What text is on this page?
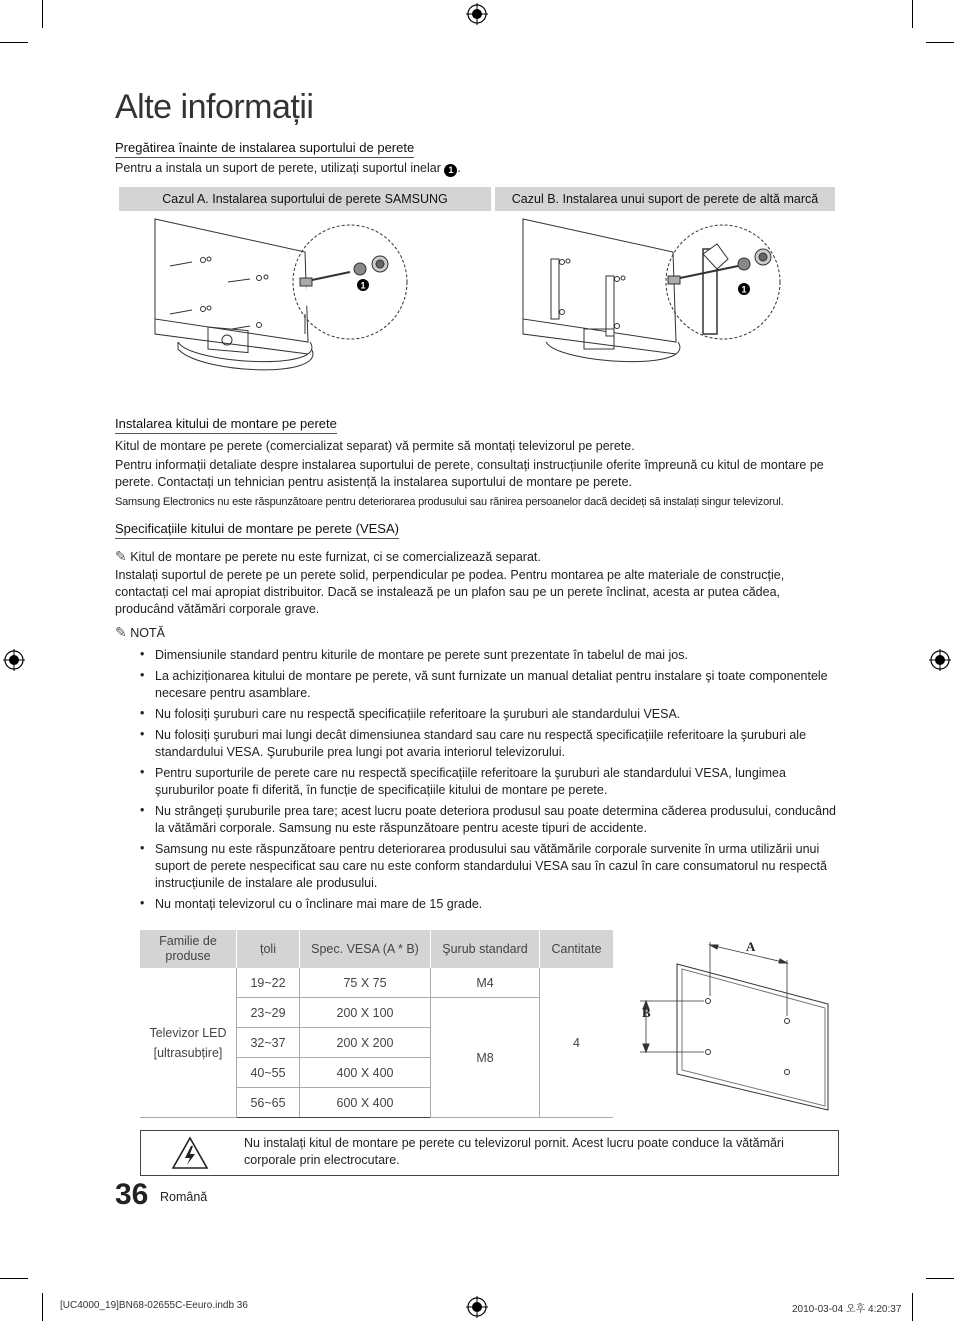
Alte informații
Pregătirea înainte de instalarea suportului de perete
Pentru a instala un suport de perete, utilizați suportul inelar 1 .
Cazul A. Instalarea suportului de perete SAMSUNG	Cazul B. Instalarea unui suport de perete de altă marcă
1	1
Instalarea kitului de montare pe perete
Kitul de montare pe perete (comercializat separat) vă permite să montați televizorul pe perete.
Pentru informații detaliate despre instalarea suportului de perete, consultați instrucțiunile oferite împreună cu kitul de montare pe perete. Contactați un tehnician pentru asistență la instalarea suportului de montare pe perete.
Samsung Electronics nu este răspunzătoare pentru deteriorarea produsului sau rănirea persoanelor dacă decideți să instalați singur televizorul.
Specificațiile kitului de montare pe perete (VESA)
✎ Kitul de montare pe perete nu este furnizat, ci se comercializează separat.
Instalați suportul de perete pe un perete solid, perpendicular pe podea. Pentru montarea pe alte materiale de construcție, contactați cel mai apropiat distribuitor. Dacă se instalează pe un plafon sau pe un perete înclinat, acesta ar putea cădea, producând vătămări corporale grave.
✎ NOTĂ
• Dimensiunile standard pentru kiturile de montare pe perete sunt prezentate în tabelul de mai jos.
• La achiziționarea kitului de montare pe perete, vă sunt furnizate un manual detaliat pentru instalare şi toate componentele necesare pentru asamblare.
• Nu folosiți şuruburi care nu respectă specificațiile referitoare la şuruburi ale standardului VESA.
• Nu folosiți şuruburi mai lungi decât dimensiunea standard sau care nu respectă specificațiile referitoare la şuruburi ale standardului VESA. Şuruburile prea lungi pot avaria interiorul televizorului.
• Pentru suporturile de perete care nu respectă specificațiile referitoare la şuruburi ale standardului VESA, lungimea şuruburilor poate fi diferită, în funcție de specificațiile kitului de montare pe perete.
• Nu strângeți şuruburile prea tare; acest lucru poate deteriora produsul sau poate determina căderea produsului, conducând la vătămări corporale. Samsung nu este răspunzătoare pentru aceste tipuri de accidente.
• Samsung nu este răspunzătoare pentru deteriorarea produsului sau vătămările corporale survenite în urma utilizării unui suport de perete nespecificat sau care nu este conform standardului VESA sau în cazul în care consumatorul nu respectă instrucțiunile de instalare ale produsului.
• Nu montați televizorul cu o înclinare mai mare de 15 grade.
Familie de produse	țoli	Spec. VESA (A * B)	Şurub standard	Cantitate
Televizor LED [ultrasubțire]	19~22	75 X 75	M4	4
	23~29	200 X 100	M8	
	32~37	200 X 200		
	40~55	400 X 400		
	56~65	600 X 400		
A
B
Nu instalați kitul de montare pe perete cu televizorul pornit. Acest lucru poate conduce la vătămări corporale prin electrocutare.
36 Română
[UC4000_19]BN68-02655C-Eeuro.indb 36	2010-03-04 오후 4:20:37
